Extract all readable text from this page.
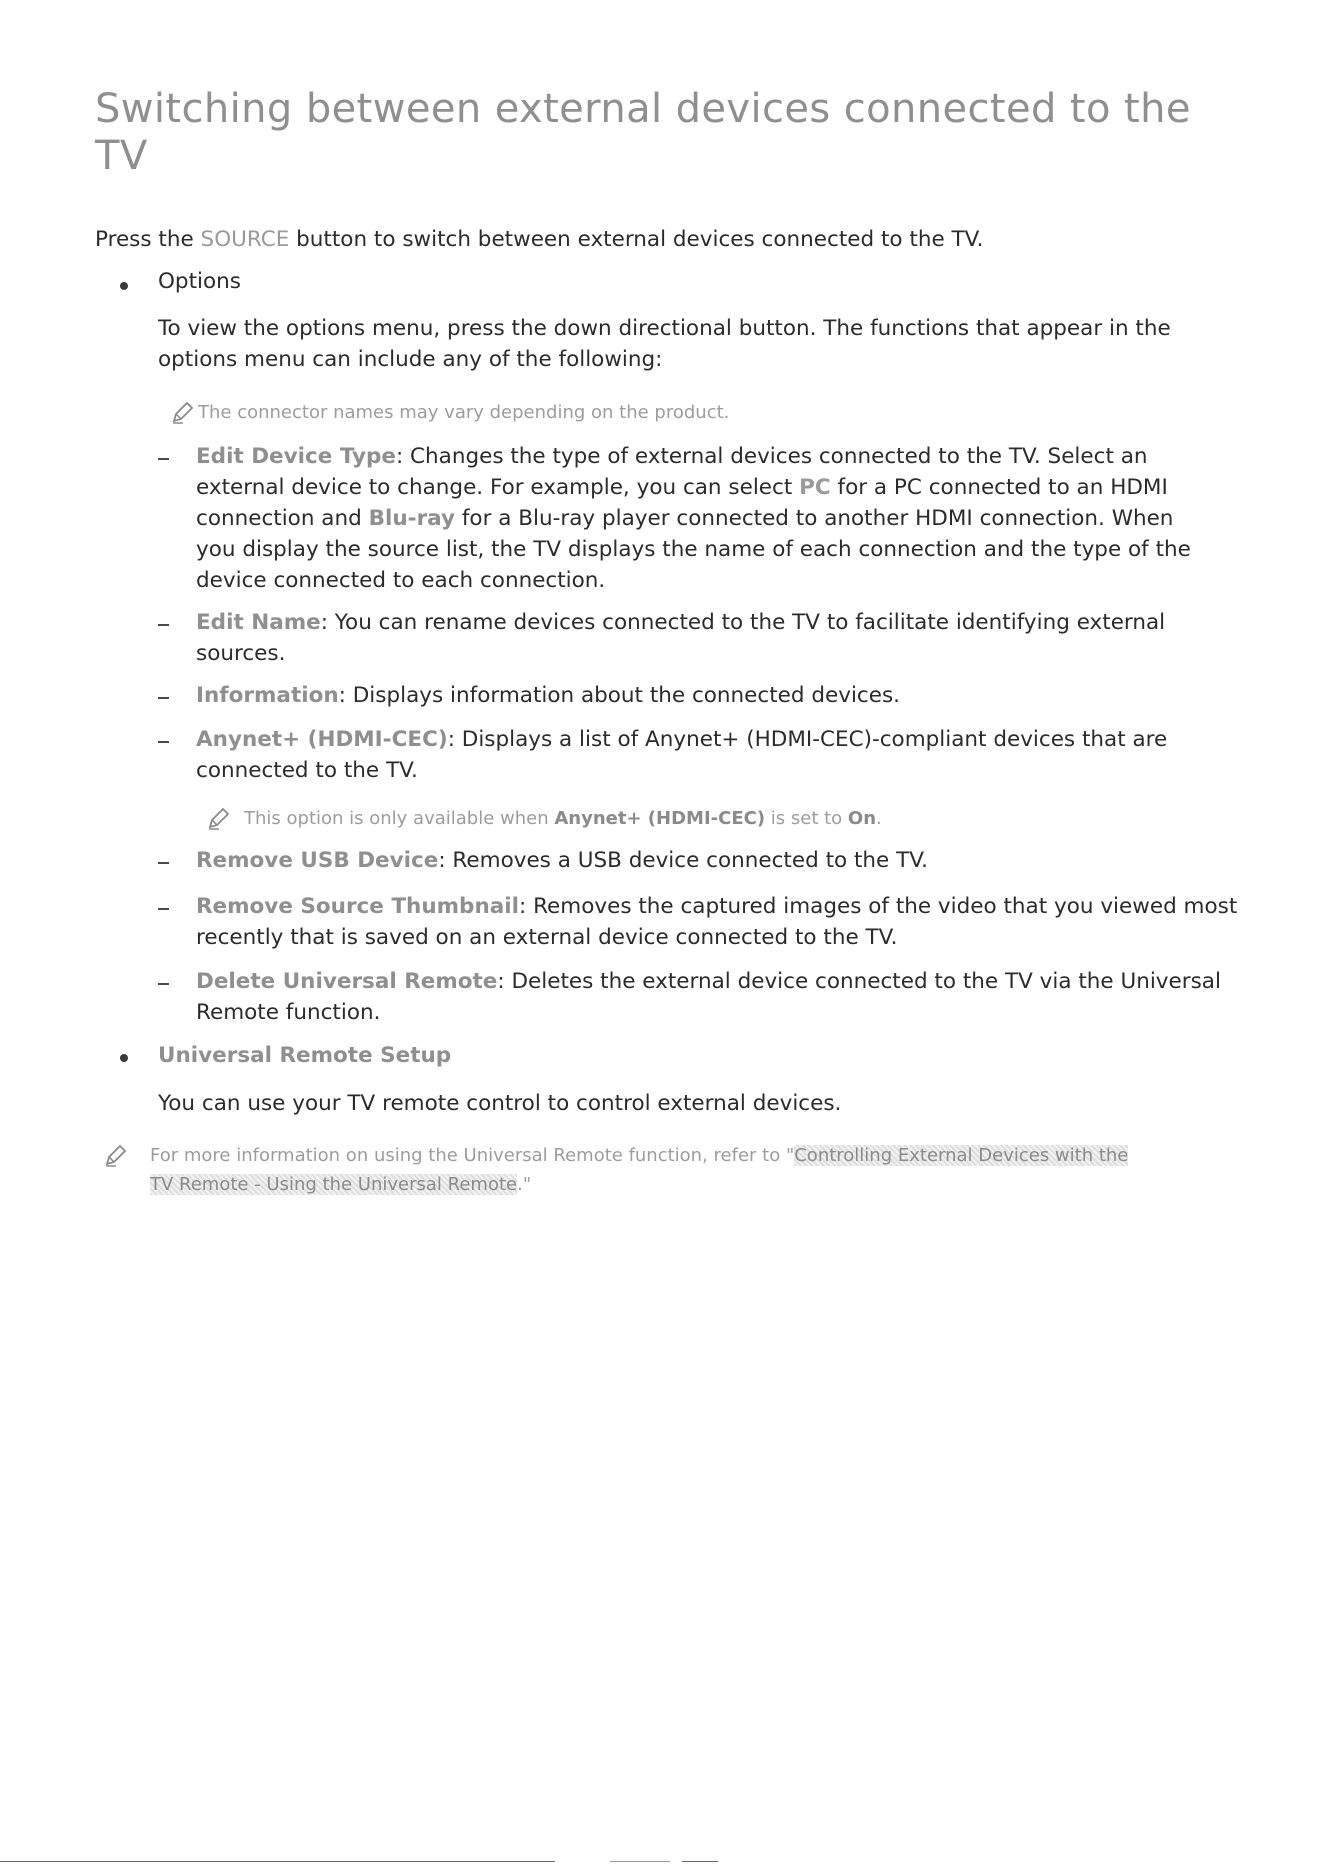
Switching between external devices connected to the TV
Press the SOURCE button to switch between external devices connected to the TV.
Options
To view the options menu, press the down directional button. The functions that appear in the
options menu can include any of the following:
The connector names may vary depending on the product.
Edit Device Type: Changes the type of external devices connected to the TV. Select an
external device to change. For example, you can select PC for a PC connected to an HDMI
connection and Blu-ray for a Blu-ray player connected to another HDMI connection. When
you display the source list, the TV displays the name of each connection and the type of the
device connected to each connection.
Edit Name: You can rename devices connected to the TV to facilitate identifying external
sources.
Information: Displays information about the connected devices.
Anynet+ (HDMI-CEC): Displays a list of Anynet+ (HDMI-CEC)-compliant devices that are
connected to the TV.
This option is only available when Anynet+ (HDMI-CEC) is set to On.
Remove USB Device: Removes a USB device connected to the TV.
Remove Source Thumbnail: Removes the captured images of the video that you viewed most
recently that is saved on an external device connected to the TV.
Delete Universal Remote: Deletes the external device connected to the TV via the Universal
Remote function.
Universal Remote Setup
You can use your TV remote control to control external devices.
For more information on using the Universal Remote function, refer to "Controlling External Devices with the
TV Remote - Using the Universal Remote."
